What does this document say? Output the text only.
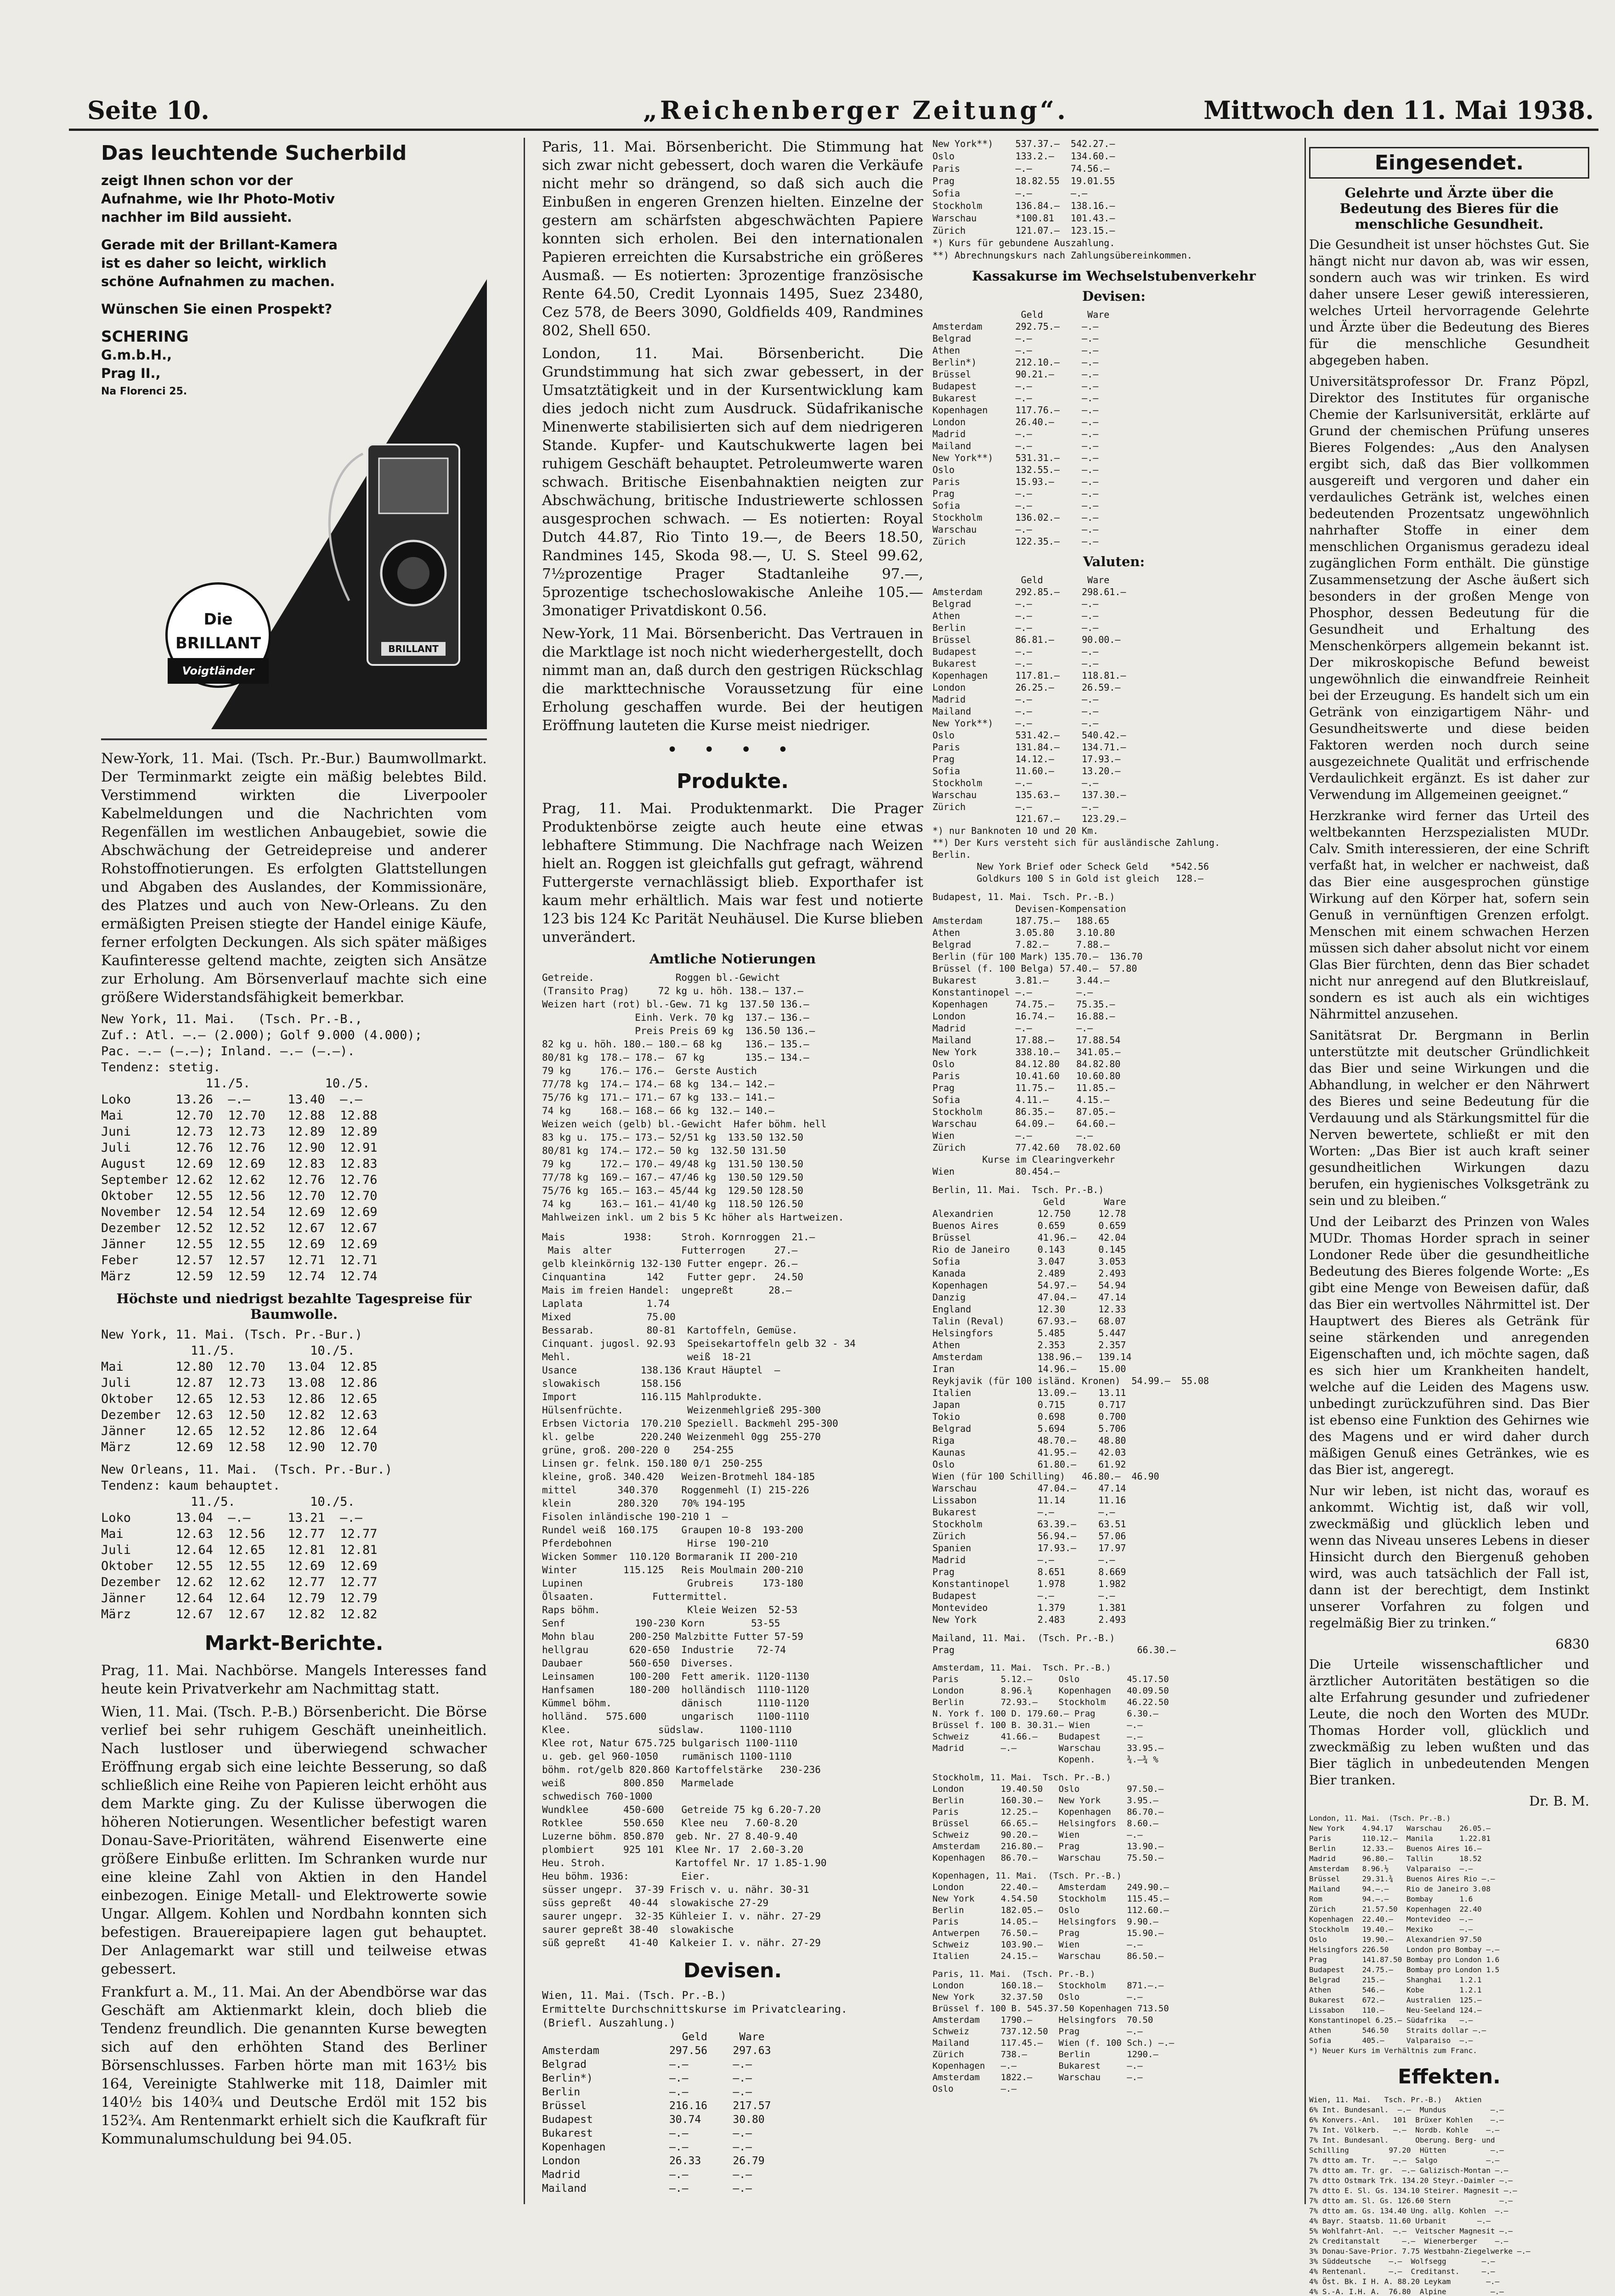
Seite 10.	„Reichenberger Zeitung“.	Mittwoch den 11. Mai 1938.
Das leuchtende Sucherbild
zeigt Ihnen schon vor der Aufnahme, wie Ihr Photo-Motiv nachher im Bild aussieht.
Gerade mit der Brillant-Kamera ist es daher so leicht, wirklich schöne Aufnahmen zu machen.
Wünschen Sie einen Prospekt?
SCHERING
G.m.b.H.,
Prag II.,
Na Florenci 25.
BRILLANT
Die
BRILLANT
Voigtländer

New-York, 11. Mai. (Tsch. Pr.-Bur.) Baumwollmarkt. Der Terminmarkt zeigte ein mäßig belebtes Bild. Verstimmend wirkten die Liverpooler Kabelmeldungen und die Nachrichten vom Regenfällen im westlichen Anbaugebiet, sowie die Abschwächung der Getreidepreise und anderer Rohstoffnotierungen. Es erfolgten Glattstellungen und Abgaben des Auslandes, der Kommissionäre, des Platzes und auch von New-Orleans. Zu den ermäßigten Preisen stiegte der Handel einige Käufe, ferner erfolgten Deckungen. Als sich später mäßiges Kaufinteresse geltend machte, zeigten sich Ansätze zur Erholung. Am Börsenverlauf machte sich eine größere Widerstandsfähigkeit bemerkbar.

New York, 11. Mai.   (Tsch. Pr.-B.,
Zuf.: Atl. —.— (2.000); Golf 9.000 (4.000);
Pac. —.— (—.—); Inland. —.— (—.—).
Tendenz: stetig.
11./5.          10./5.
Loko      13.26  —.—     13.40  —.—
Mai       12.70  12.70   12.88  12.88
Juni      12.73  12.73   12.89  12.89
Juli      12.76  12.76   12.90  12.91
August    12.69  12.69   12.83  12.83
September 12.62  12.62   12.76  12.76
Oktober   12.55  12.56   12.70  12.70
November  12.54  12.54   12.69  12.69
Dezember  12.52  12.52   12.67  12.67
Jänner    12.55  12.55   12.69  12.69
Feber     12.57  12.57   12.71  12.71
März      12.59  12.59   12.74  12.74
Höchste und niedrigst bezahlte Tagespreise für Baumwolle.
New York, 11. Mai. (Tsch. Pr.-Bur.)
11./5.          10./5.
Mai       12.80  12.70   13.04  12.85
Juli      12.87  12.73   13.08  12.86
Oktober   12.65  12.53   12.86  12.65
Dezember  12.63  12.50   12.82  12.63
Jänner    12.65  12.52   12.86  12.64
März      12.69  12.58   12.90  12.70
New Orleans, 11. Mai.  (Tsch. Pr.-Bur.)
Tendenz: kaum behauptet.
11./5.          10./5.
Loko      13.04  —.—     13.21  —.—
Mai       12.63  12.56   12.77  12.77
Juli      12.64  12.65   12.81  12.81
Oktober   12.55  12.55   12.69  12.69
Dezember  12.62  12.62   12.77  12.77
Jänner    12.64  12.64   12.79  12.79
März      12.67  12.67   12.82  12.82
Markt-Berichte.

Prag, 11. Mai. Nachbörse. Mangels Interesses fand heute kein Privatverkehr am Nachmittag statt.

Wien, 11. Mai. (Tsch. P.-B.) Börsenbericht. Die Börse verlief bei sehr ruhigem Geschäft uneinheitlich. Nach lustloser und überwiegend schwacher Eröffnung ergab sich eine leichte Besserung, so daß schließlich eine Reihe von Papieren leicht erhöht aus dem Markte ging. Zu der Kulisse überwogen die höheren Notierungen. Wesentlicher befestigt waren Donau-Save-Prioritäten, während Eisenwerte eine größere Einbuße erlitten. Im Schranken wurde nur eine kleine Zahl von Aktien in den Handel einbezogen. Einige Metall- und Elektrowerte sowie Ungar. Allgem. Kohlen und Nordbahn konnten sich befestigen. Brauereipapiere lagen gut behauptet. Der Anlagemarkt war still und teilweise etwas gebessert.

Frankfurt a. M., 11. Mai. An der Abendbörse war das Geschäft am Aktienmarkt klein, doch blieb die Tendenz freundlich. Die genannten Kurse bewegten sich auf den erhöhten Stand des Berliner Börsenschlusses. Farben hörte man mit 163½ bis 164, Vereinigte Stahlwerke mit 118, Daimler mit 140½ bis 140¾ und Deutsche Erdöl mit 152 bis 152¾. Am Rentenmarkt erhielt sich die Kaufkraft für Kommunalumschuldung bei 94.05.

Paris, 11. Mai. Börsenbericht. Die Stimmung hat sich zwar nicht gebessert, doch waren die Verkäufe nicht mehr so drängend, so daß sich auch die Einbußen in engeren Grenzen hielten. Einzelne der gestern am schärfsten abgeschwächten Papiere konnten sich erholen. Bei den internationalen Papieren erreichten die Kursabstriche ein größeres Ausmaß. — Es notierten: 3prozentige französische Rente 64.50, Credit Lyonnais 1495, Suez 23480, Cez 578, de Beers 3090, Goldfields 409, Randmines 802, Shell 650.

London, 11. Mai. Börsenbericht. Die Grundstimmung hat sich zwar gebessert, in der Umsatztätigkeit und in der Kursentwicklung kam dies jedoch nicht zum Ausdruck. Südafrikanische Minenwerte stabilisierten sich auf dem niedrigeren Stande. Kupfer- und Kautschukwerte lagen bei ruhigem Geschäft behauptet. Petroleumwerte waren schwach. Britische Eisenbahnaktien neigten zur Abschwächung, britische Industriewerte schlossen ausgesprochen schwach. — Es notierten: Royal Dutch 44.87, Rio Tinto 19.—, de Beers 18.50, Randmines 145, Skoda 98.—, U. S. Steel 99.62, 7½prozentige Prager Stadtanleihe 97.—, 5prozentige tschechoslowakische Anleihe 105.— 3monatiger Privatdiskont 0.56.

New-York, 11 Mai. Börsenbericht. Das Vertrauen in die Marktlage ist noch nicht wiederhergestellt, doch nimmt man an, daß durch den gestrigen Rückschlag die markttechnische Voraussetzung für eine Erholung geschaffen wurde. Bei der heutigen Eröffnung lauteten die Kurse meist niedriger.

• • • •
Produkte.

Prag, 11. Mai. Produktenmarkt. Die Prager Produktenbörse zeigte auch heute eine etwas lebhaftere Stimmung. Die Nachfrage nach Weizen hielt an. Roggen ist gleichfalls gut gefragt, während Futtergerste vernachlässigt blieb. Exporthafer ist kaum mehr erhältlich. Mais war fest und notierte 123 bis 124 Kc Parität Neuhäusel. Die Kurse blieben unverändert.

Amtliche Notierungen
Getreide.              Roggen bl.-Gewicht
(Transito Prag)     72 kg u. höh. 138.— 137.—
Weizen hart (rot) bl.-Gew. 71 kg  137.50 136.—
Einh. Verk. 70 kg  137.— 136.—
Preis Preis 69 kg  136.50 136.—
82 kg u. höh. 180.— 180.— 68 kg    136.— 135.—
80/81 kg  178.— 178.—  67 kg       135.— 134.—
79 kg     176.— 176.—  Gerste Austich
77/78 kg  174.— 174.— 68 kg  134.— 142.—
75/76 kg  171.— 171.— 67 kg  133.— 141.—
74 kg     168.— 168.— 66 kg  132.— 140.—
Weizen weich (gelb) bl.-Gewicht  Hafer böhm. hell
83 kg u.  175.— 173.— 52/51 kg  133.50 132.50
80/81 kg  174.— 172.— 50 kg  132.50 131.50
79 kg     172.— 170.— 49/48 kg  131.50 130.50
77/78 kg  169.— 167.— 47/46 kg  130.50 129.50
75/76 kg  165.— 163.— 45/44 kg  129.50 128.50
74 kg     163.— 161.— 41/40 kg  118.50 126.50
Mahlweizen inkl. um 2 bis 5 Kc höher als Hartweizen.
Mais          1938:     Stroh. Kornroggen  21.—
Mais  alter            Futterrogen     27.—
gelb kleinkörnig 132-130 Futter engepr. 26.—
Cinquantina       142    Futter gepr.   24.50
Mais im freien Handel:  ungepreßt      28.—
Laplata           1.74
Mixed             75.00
Bessarab.         80-81  Kartoffeln, Gemüse.
Cinquant. jugosl. 92.93  Speisekartoffeln gelb 32 - 34
Mehl.                    weiß  18-21
Usance           138.136 Kraut Häuptel  —
slowakisch       158.156
Import           116.115 Mahlprodukte.
Hülsenfrüchte.           Weizenmehlgrieß 295-300
Erbsen Victoria  170.210 Speziell. Backmehl 295-300
kl. gelbe        220.240 Weizenmehl 0gg  255-270
grüne, groß. 200-220 0    254-255
Linsen gr. felnk. 150.180 0/1  250-255
kleine, groß. 340.420   Weizen-Brotmehl 184-185
mittel       340.370    Roggenmehl (I) 215-226
klein        280.320    70% 194-195
Fisolen inländische 190-210 1  —
Rundel weiß  160.175    Graupen 10-8  193-200
Pferdebohnen             Hirse  190-210
Wicken Sommer  110.120 Bormaranik II 200-210
Winter        115.125   Reis Moulmain 200-210
Lupinen                  Grubreis     173-180
Ölsaaten.          Futtermittel.
Raps böhm.               Kleie Weizen  52-53
Senf            190-230 Korn        53-55
Mohn blau      200-250 Malzbitte Futter 57-59
hellgrau       620-650  Industrie    72-74
Daubaer        560-650  Diverses.
Leinsamen      100-200  Fett amerik. 1120-1130
Hanfsamen      180-200  holländisch  1110-1120
Kümmel böhm.            dänisch      1110-1120
holländ.   575.600      ungarisch    1100-1110
Klee.               südslaw.      1100-1110
Klee rot, Natur 675.725 bulgarisch 1100-1110
u. geb. gel 960-1050    rumänisch 1100-1110
böhm. rot/gelb 820.860 Kartoffelstärke   230-236
weiß          800.850   Marmelade
schwedisch 760-1000
Wundklee      450-600   Getreide 75 kg 6.20-7.20
Rotklee       550.650   Klee neu   7.60-8.20
Luzerne böhm. 850.870  geb. Nr. 27 8.40-9.40
plombiert     925 101  Klee Nr. 17  2.60-3.20
Heu. Stroh.            Kartoffel Nr. 17 1.85-1.90
Heu böhm. 1936:         Eier.
süsser ungepr.  37-39 Frisch v. u. nähr. 30-31
süss gepreßt   40-44  slowakische 27-29
saurer ungepr.  32-35 Kühleier I. v. nähr. 27-29
saurer gepreßt 38-40  slowakische
süß gepreßt    41-40  Kalkeier I. v. nähr. 27-29
Devisen.
Wien, 11. Mai. (Tsch. Pr.-B.)
Ermittelte Durchschnittskurse im Privatclearing.
(Briefl. Auszahlung.)
Geld     Ware
Amsterdam           297.56    297.63
Belgrad             —.—       —.—
Berlin*)            —.—       —.—
Berlin              —.—       —.—
Brüssel             216.16    217.57
Budapest            30.74     30.80
Bukarest            —.—       —.—
Kopenhagen          —.—       —.—
London              26.33     26.79
Madrid              —.—       —.—
Mailand             —.—       —.—
New York**)    537.37.—  542.27.—
Oslo           133.2.—   134.60.—
Paris          —.—       74.56.—
Prag           18.82.55  19.01.55
Sofia          —.—       —.—
Stockholm      136.84.—  138.16.—
Warschau       *100.81   101.43.—
Zürich         121.07.—  123.15.—
*) Kurs für gebundene Auszahlung.
**) Abrechnungskurs nach Zahlungsübereinkommen.
Kassakurse im Wechselstubenverkehr
Devisen:
Geld        Ware
Amsterdam      292.75.—    —.—
Belgrad        —.—         —.—
Athen          —.—         —.—
Berlin*)       212.10.—    —.—
Brüssel        90.21.—     —.—
Budapest       —.—         —.—
Bukarest       —.—         —.—
Kopenhagen     117.76.—    —.—
London         26.40.—     —.—
Madrid         —.—         —.—
Mailand        —.—         —.—
New York**)    531.31.—    —.—
Oslo           132.55.—    —.—
Paris          15.93.—     —.—
Prag           —.—         —.—
Sofia          —.—         —.—
Stockholm      136.02.—    —.—
Warschau       —.—         —.—
Zürich         122.35.—    —.—
Valuten:
Geld        Ware
Amsterdam      292.85.—    298.61.—
Belgrad        —.—         —.—
Athen          —.—         —.—
Berlin         —.—         —.—
Brüssel        86.81.—     90.00.—
Budapest       —.—         —.—
Bukarest       —.—         —.—
Kopenhagen     117.81.—    118.81.—
London         26.25.—     26.59.—
Madrid         —.—         —.—
Mailand        —.—         —.—
New York**)    —.—         —.—
Oslo           531.42.—    540.42.—
Paris          131.84.—    134.71.—
Prag           14.12.—     17.93.—
Sofia          11.60.—     13.20.—
Stockholm      —.—         —.—
Warschau       135.63.—    137.30.—
Zürich         —.—         —.—
121.67.—    123.29.—
*) nur Banknoten 10 und 20 Km.
**) Der Kurs versteht sich für ausländische Zahlung.
Berlin.
New York Brief oder Scheck Geld    *542.56
Goldkurs 100 S in Gold ist gleich   128.—
Budapest, 11. Mai.  Tsch. Pr.-B.)
Devisen-Kompensation
Amsterdam      187.75.—   188.65
Athen          3.05.80    3.10.80
Belgrad        7.82.—     7.88.—
Berlin (für 100 Mark) 135.70.—  136.70
Brüssel (f. 100 Belga) 57.40.—  57.80
Bukarest       3.81.—     3.44.—
Konstantinopel —.—        —.—
Kopenhagen     74.75.—    75.35.—
London         16.74.—    16.88.—
Madrid         —.—        —.—
Mailand        17.88.—    17.88.54
New York       338.10.—   341.05.—
Oslo           84.12.80   84.82.80
Paris          10.41.60   10.60.80
Prag           11.75.—    11.85.—
Sofia          4.11.—     4.15.—
Stockholm      86.35.—    87.05.—
Warschau       64.09.—    64.60.—
Wien           —.—        —.—
Zürich         77.42.60   78.02.60
Kurse im Clearingverkehr
Wien           80.454.—
Berlin, 11. Mai.  Tsch. Pr.-B.)
Geld       Ware
Alexandrien        12.750     12.78
Buenos Aires       0.659      0.659
Brüssel            41.96.—    42.04
Rio de Janeiro     0.143      0.145
Sofia              3.047      3.053
Kanada             2.489      2.493
Kopenhagen         54.97.—    54.94
Danzig             47.04.—    47.14
England            12.30      12.33
Talin (Reval)      67.93.—    68.07
Helsingfors        5.485      5.447
Athen              2.353      2.357
Amsterdam          138.96.—   139.14
Iran               14.96.—    15.00
Reykjavik (für 100 isländ. Kronen)  54.99.—  55.08
Italien            13.09.—    13.11
Japan              0.715      0.717
Tokio              0.698      0.700
Belgrad            5.694      5.706
Riga               48.70.—    48.80
Kaunas             41.95.—    42.03
Oslo               61.80.—    61.92
Wien (für 100 Schilling)   46.80.—  46.90
Warschau           47.04.—    47.14
Lissabon           11.14      11.16
Bukarest           —.—        —.—
Stockholm          63.39.—    63.51
Zürich             56.94.—    57.06
Spanien            17.93.—    17.97
Madrid             —.—        —.—
Prag               8.651      8.669
Konstantinopel     1.978      1.982
Budapest           —.—        —.—
Montevideo         1.379      1.381
New York           2.483      2.493
Mailand, 11. Mai.  (Tsch. Pr.-B.)
Prag                                 66.30.—
Amsterdam, 11. Mai.  Tsch. Pr.-B.)
Paris        5.12.—     Oslo         45.17.50
London       8.96.¾     Kopenhagen   40.09.50
Berlin       72.93.—    Stockholm    46.22.50
N. York f. 100 D. 179.60.— Prag      6.30.—
Brüssel f. 100 B. 30.31.— Wien       —.—
Schweiz      41.66.—    Budapest     —.—
Madrid       —.—        Warschau     33.95.—
Kopenh.      ¾.—¾ %
Stockholm, 11. Mai.  Tsch. Pr.-B.)
London       19.40.50   Oslo         97.50.—
Berlin       160.30.—   New York     3.95.—
Paris        12.25.—    Kopenhagen   86.70.—
Brüssel      66.65.—    Helsingfors  8.60.—
Schweiz      90.20.—    Wien         —.—
Amsterdam    216.80.—   Prag         13.90.—
Kopenhagen   86.70.—    Warschau     75.50.—
Kopenhagen, 11. Mai.  (Tsch. Pr.-B.)
London       22.40.—    Amsterdam    249.90.—
New York     4.54.50    Stockholm    115.45.—
Berlin       182.05.—   Oslo         112.60.—
Paris        14.05.—    Helsingfors  9.90.—
Antwerpen    76.50.—    Prag         15.90.—
Schweiz      103.90.—   Wien         —.—
Italien      24.15.—    Warschau     86.50.—
Paris, 11. Mai.  (Tsch. Pr.-B.)
London       160.18.—   Stockholm    871.—.—
New York     32.37.50   Oslo         —.—
Brüssel f. 100 B. 545.37.50 Kopenhagen 713.50
Amsterdam    1790.—     Helsingfors  70.50
Schweiz      737.12.50  Prag         —.—
Mailand      117.45.—   Wien (f. 100 Sch.) —.—
Zürich       738.—      Berlin       1290.—
Kopenhagen   —.—        Bukarest     —.—
Amsterdam    1822.—     Warschau     —.—
Oslo         —.—
Eingesendet.
Gelehrte und Ärzte über die Bedeutung des Bieres für die menschliche Gesundheit.

Die Gesundheit ist unser höchstes Gut. Sie hängt nicht nur davon ab, was wir essen, sondern auch was wir trinken. Es wird daher unsere Leser gewiß interessieren, welches Urteil hervorragende Gelehrte und Ärzte über die Bedeutung des Bieres für die menschliche Gesundheit abgegeben haben.

Universitätsprofessor Dr. Franz Pöpzl, Direktor des Institutes für organische Chemie der Karlsuniversität, erklärte auf Grund der chemischen Prüfung unseres Bieres Folgendes: „Aus den Analysen ergibt sich, daß das Bier vollkommen ausgereift und vergoren und daher ein verdauliches Getränk ist, welches einen bedeutenden Prozentsatz ungewöhnlich nahrhafter Stoffe in einer dem menschlichen Organismus geradezu ideal zugänglichen Form enthält. Die günstige Zusammensetzung der Asche äußert sich besonders in der großen Menge von Phosphor, dessen Bedeutung für die Gesundheit und Erhaltung des Menschenkörpers allgemein bekannt ist. Der mikroskopische Befund beweist ungewöhnlich die einwandfreie Reinheit bei der Erzeugung. Es handelt sich um ein Getränk von einzigartigem Nähr- und Gesundheitswerte und diese beiden Faktoren werden noch durch seine ausgezeichnete Qualität und erfrischende Verdaulichkeit ergänzt. Es ist daher zur Verwendung im Allgemeinen geeignet.“

Herzkranke wird ferner das Urteil des weltbekannten Herzspezialisten MUDr. Calv. Smith interessieren, der eine Schrift verfaßt hat, in welcher er nachweist, daß das Bier eine ausgesprochen günstige Wirkung auf den Körper hat, sofern sein Genuß in vernünftigen Grenzen erfolgt. Menschen mit einem schwachen Herzen müssen sich daher absolut nicht vor einem Glas Bier fürchten, denn das Bier schadet nicht nur anregend auf den Blutkreislauf, sondern es ist auch als ein wichtiges Nährmittel anzusehen.

Sanitätsrat Dr. Bergmann in Berlin unterstützte mit deutscher Gründlichkeit das Bier und seine Wirkungen und die Abhandlung, in welcher er den Nährwert des Bieres und seine Bedeutung für die Verdauung und als Stärkungsmittel für die Nerven bewertete, schließt er mit den Worten: „Das Bier ist auch kraft seiner gesundheitlichen Wirkungen dazu berufen, ein hygienisches Volksgetränk zu sein und zu bleiben.“

Und der Leibarzt des Prinzen von Wales MUDr. Thomas Horder sprach in seiner Londoner Rede über die gesundheitliche Bedeutung des Bieres folgende Worte: „Es gibt eine Menge von Beweisen dafür, daß das Bier ein wertvolles Nährmittel ist. Der Hauptwert des Bieres als Getränk für seine stärkenden und anregenden Eigenschaften und, ich möchte sagen, daß es sich hier um Krankheiten handelt, welche auf die Leiden des Magens usw. unbedingt zurückzuführen sind. Das Bier ist ebenso eine Funktion des Gehirnes wie des Magens und er wird daher durch mäßigen Genuß eines Getränkes, wie es das Bier ist, angeregt.

Nur wir leben, ist nicht das, worauf es ankommt. Wichtig ist, daß wir voll, zweckmäßig und glücklich leben und wenn das Niveau unseres Lebens in dieser Hinsicht durch den Biergenuß gehoben wird, was auch tatsächlich der Fall ist, dann ist der berechtigt, dem Instinkt unserer Vorfahren zu folgen und regelmäßig Bier zu trinken.“

6830

Die Urteile wissenschaftlicher und ärztlicher Autoritäten bestätigen so die alte Erfahrung gesunder und zufriedener Leute, die noch den Worten des MUDr. Thomas Horder voll, glücklich und zweckmäßig zu leben wußten und das Bier täglich in unbedeutenden Mengen Bier tranken.

Dr. B. M.
London, 11. Mai.  (Tsch. Pr.-B.)
New York    4.94.17   Warschau    26.05.—
Paris       110.12.—  Manila      1.22.81
Berlin      12.33.—   Buenos Aires 16.—
Madrid      96.80.—   Tallin      18.52
Amsterdam   8.96.½    Valparaiso  —.—
Brüssel     29.31.¾   Buenos Aires Rio —.—
Mailand     94.—.—    Rio de Janeiro 3.08
Rom         94.—.—    Bombay      1.6
Zürich      21.57.50  Kopenhagen  22.40
Kopenhagen  22.40.—   Montevideo  —.—
Stockholm   19.40.—   Mexiko      —.—
Oslo        19.90.—   Alexandrien 97.50
Helsingfors 226.50    London pro Bombay —.—
Prag        141.87.50 Bombay pro London 1.6
Budapest    24.75.—   Bombay pro London 1.5
Belgrad     215.—     Shanghai    1.2.1
Athen       546.—     Kobe        1.2.1
Bukarest    672.—     Australien  125.—
Lissabon    110.—     Neu-Seeland 124.—
Konstantinopel 6.25.— Südafrika   —.—
Athen       546.50    Straits dollar —.—
Sofia       405.—     Valparaiso  —.—
*) Neuer Kurs im Verhältnis zum Franc.
Effekten.
Wien, 11. Mai.   Tsch. Pr.-B.)   Aktien
6% Int. Bundesanl.  —.—  Mundus          —.—
6% Konvers.-Anl.   101  Brüxer Kohlen    —.—
7% Int. Völkerb.   —.—  Nordb. Kohle    —.—
7% Int. Bundesanl.      Oberung. Berg- und
Schilling         97.20  Hütten          —.—
7% dtto am. Tr.    —.—  Salgo           —.—
7% dtto am. Tr. gr.  —.— Galizisch-Montan —.—
7% dtto Ostmark Trk. 134.20 Steyr.-Daimler —.—
7% dtto E. Sl. Gs. 134.10 Steirer. Magnesit —.—
7% dtto am. Sl. Gs. 126.60 Stern           —.—
7% dtto am. Gs. 134.40 Ung. allg. Kohlen  —.—
4% Bayr. Staatsb. 11.60 Urbanit       —.—
5% Wohlfahrt-Anl.  —.—  Veitscher Magnesit —.—
2% Creditanstalt     —.—  Wienerberger    —.—
3% Donau-Save-Prior. 7.75 Westbahn-Ziegelwerke —.—
3% Süddeutsche    —.—  Wolfsegg        —.—
4% Rentenanl.     —.—  Creditanst.     —.—
4% Öst. Bk. I H. A. 88.20 Leykam        —.—
4% S.-A. I.H. A.  76.80  Alpine          —.—
